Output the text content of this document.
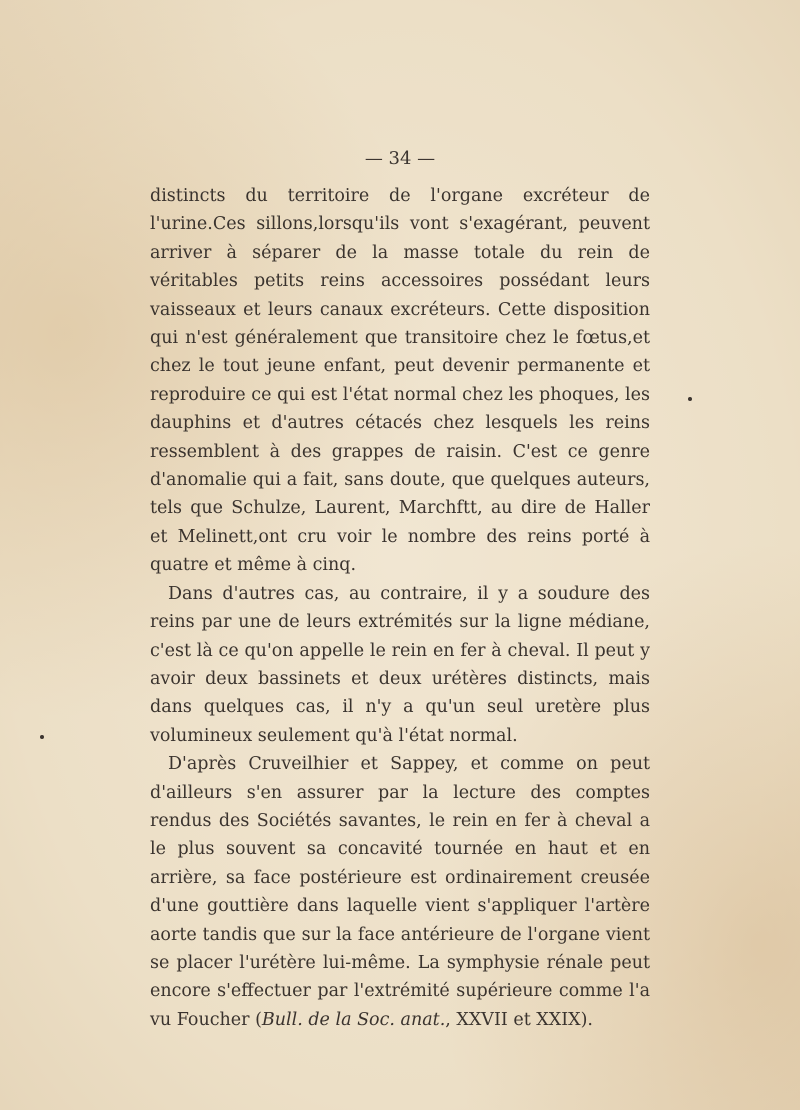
— 34 —

distincts du territoire de l'organe excréteur de l'urine.Ces sillons,lorsqu'ils vont s'exagérant, peuvent arriver à séparer de la masse totale du rein de véritables petits reins accessoires possédant leurs vaisseaux et leurs canaux excréteurs. Cette disposition qui n'est généralement que transitoire chez le fœtus,et chez le tout jeune enfant, peut devenir permanente et reproduire ce qui est l'état normal chez les phoques, les dauphins et d'autres cétacés chez lesquels les reins ressemblent à des grappes de raisin. C'est ce genre d'anomalie qui a fait, sans doute, que quelques auteurs, tels que Schulze, Laurent, Marchftt, au dire de Haller et Melinett,ont cru voir le nombre des reins porté à quatre et même à cinq.

Dans d'autres cas, au contraire, il y a soudure des reins par une de leurs extrémités sur la ligne médiane, c'est là ce qu'on appelle le rein en fer à cheval. Il peut y avoir deux bassinets et deux urétères distincts, mais dans quelques cas, il n'y a qu'un seul uretère plus volumineux seulement qu'à l'état normal.

D'après Cruveilhier et Sappey, et comme on peut d'ailleurs s'en assurer par la lecture des comptes rendus des Sociétés savantes, le rein en fer à cheval a le plus souvent sa concavité tournée en haut et en arrière, sa face postérieure est ordinairement creusée d'une gouttière dans laquelle vient s'appliquer l'artère aorte tandis que sur la face antérieure de l'organe vient se placer l'urétère lui-même. La symphysie rénale peut encore s'effectuer par l'extrémité supérieure comme l'a vu Foucher (Bull. de la Soc. anat., XXVII et XXIX).
